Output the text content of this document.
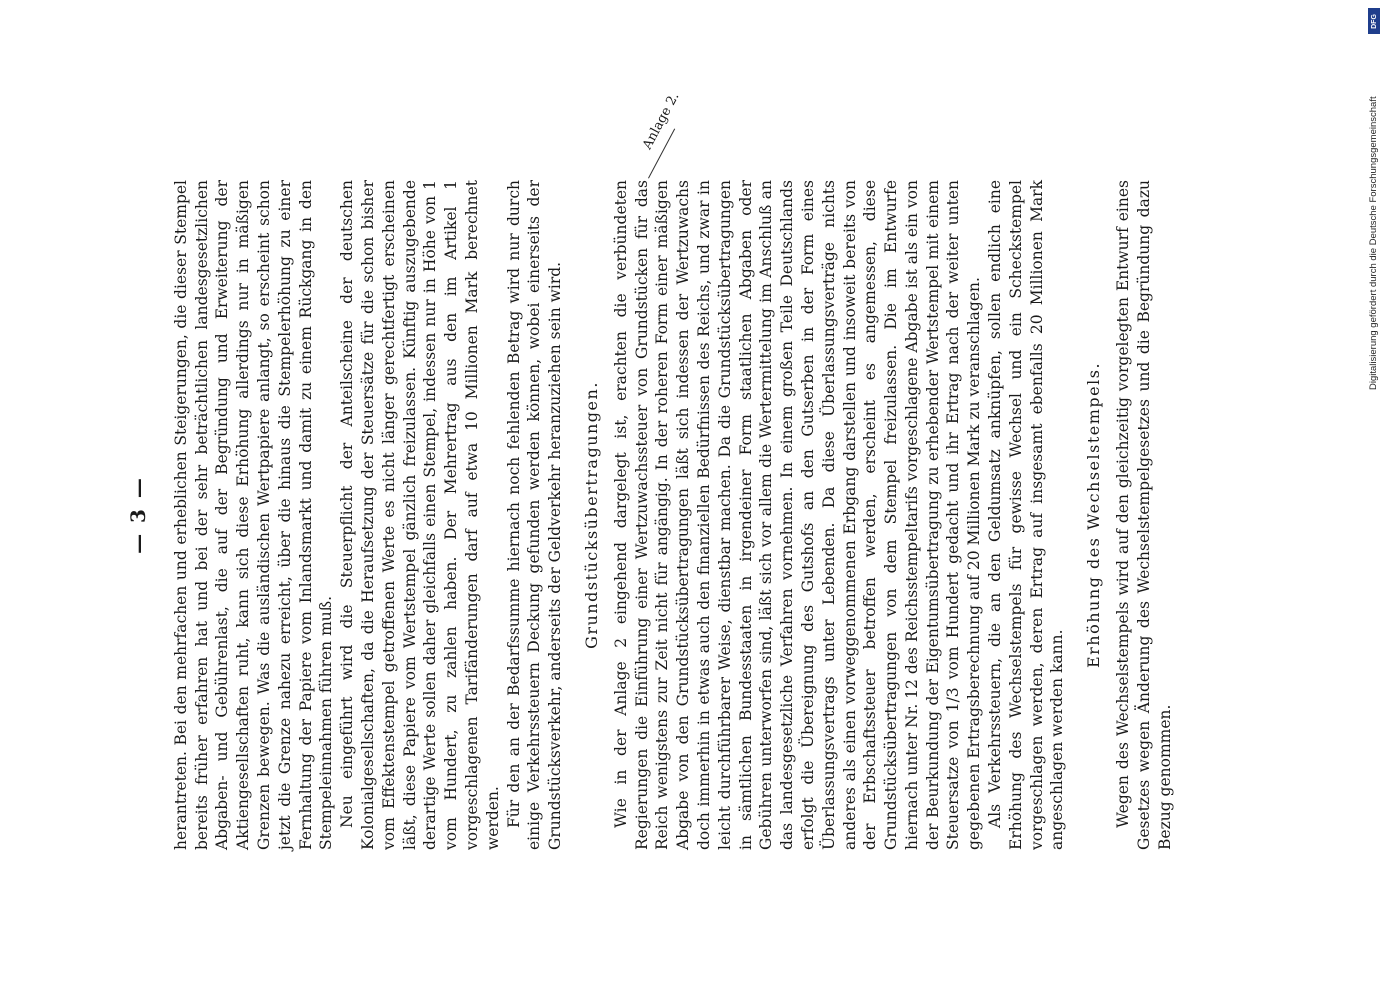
— 3 — herantreten. Bei den mehrfachen und erheblichen Steigerungen, die dieser Stempel bereits früher erfahren hat und bei der sehr beträchtlichen landesgesetzlichen Abgaben- und Gebührenlast, die auf der Begründung und Erweiterung der Aktiengesellschaften ruht, kann sich diese Erhöhung allerdings nur in mäßigen Grenzen bewegen. Was die ausländischen Wertpapiere anlangt, so erscheint schon jetzt die Grenze nahezu erreicht, über die hinaus die Stempelerhöhung zu einer Fernhaltung der Papiere vom Inlandsmarkt und damit zu einem Rückgang in den Stempeleinnahmen führen muß. Neu eingeführt wird die Steuerpflicht der Anteilscheine der deutschen Kolonialgesellschaften, da die Heraufsetzung der Steuersätze für die schon bisher vom Effektenstempel getroffenen Werte es nicht länger gerechtfertigt erscheinen läßt, diese Papiere vom Wertstempel gänzlich freizulassen. Künftig auszugebende derartige Werte sollen daher gleichfalls einen Stempel, indessen nur in Höhe von 1 vom Hundert, zu zahlen haben. Der Mehrertrag aus den im Artikel 1 vorgeschlagenen Tarifänderungen darf auf etwa 10 Millionen Mark berechnet werden. Für den an der Bedarfssumme hiernach noch fehlenden Betrag wird nur durch einige Verkehrssteuern Deckung gefunden werden können, wobei einerseits der Grundstücksverkehr, anderseits der Geldverkehr heranzuziehen sein wird. Grundstücksübertragungen. Wie in der Anlage 2 eingehend dargelegt ist, erachten die verbündeten Regierungen die Einführung einer Wertzuwachssteuer von Grundstücken für das Reich wenigstens zur Zeit nicht für angängig. In der roheren Form einer mäßigen Abgabe von den Grundstücksübertragungen läßt sich indessen der Wertzuwachs doch immerhin in etwas auch den finanziellen Bedürfnissen des Reichs, und zwar in leicht durchführbarer Weise, dienstbar machen. Da die Grundstücksübertragungen in sämtlichen Bundesstaaten in irgendeiner Form staatlichen Abgaben oder Gebühren unterworfen sind, läßt sich vor allem die Wertermittelung im Anschluß an das landesgesetzliche Verfahren vornehmen. In einem großen Teile Deutschlands erfolgt die Übereignung des Gutshofs an den Gutserben in der Form eines Überlassungsvertrags unter Lebenden. Da diese Überlassungsverträge nichts anderes als einen vorweggenommenen Erbgang darstellen und insoweit bereits von der Erbschaftssteuer betroffen werden, erscheint es angemessen, diese Grundstücksübertragungen von dem Stempel freizulassen. Die im Entwurfe hiernach unter Nr. 12 des Reichsstempeltarifs vorgeschlagene Abgabe ist als ein von der Beurkundung der Eigentumsübertragung zu erhebender Wertstempel mit einem Steuersatze von 1/3 vom Hundert gedacht und ihr Ertrag nach der weiter unten gegebenen Ertragsberechnung auf 20 Millionen Mark zu veranschlagen. Als Verkehrssteuern, die an den Geldumsatz anknüpfen, sollen endlich eine Erhöhung des Wechselstempels für gewisse Wechsel und ein Scheckstempel vorgeschlagen werden, deren Ertrag auf insgesamt ebenfalls 20 Millionen Mark angeschlagen werden kann.

Erhöhung des Wechselstempels. Wegen des Wechselstempels wird auf den gleichzeitig vorgelegten Entwurf eines Gesetzes wegen Änderung des Wechselstempelgesetzes und die Begründung dazu Bezug genommen.

Anlage 2.
DFG
Digitalisierung gefördert durch die Deutsche Forschungsgemeinschaft
